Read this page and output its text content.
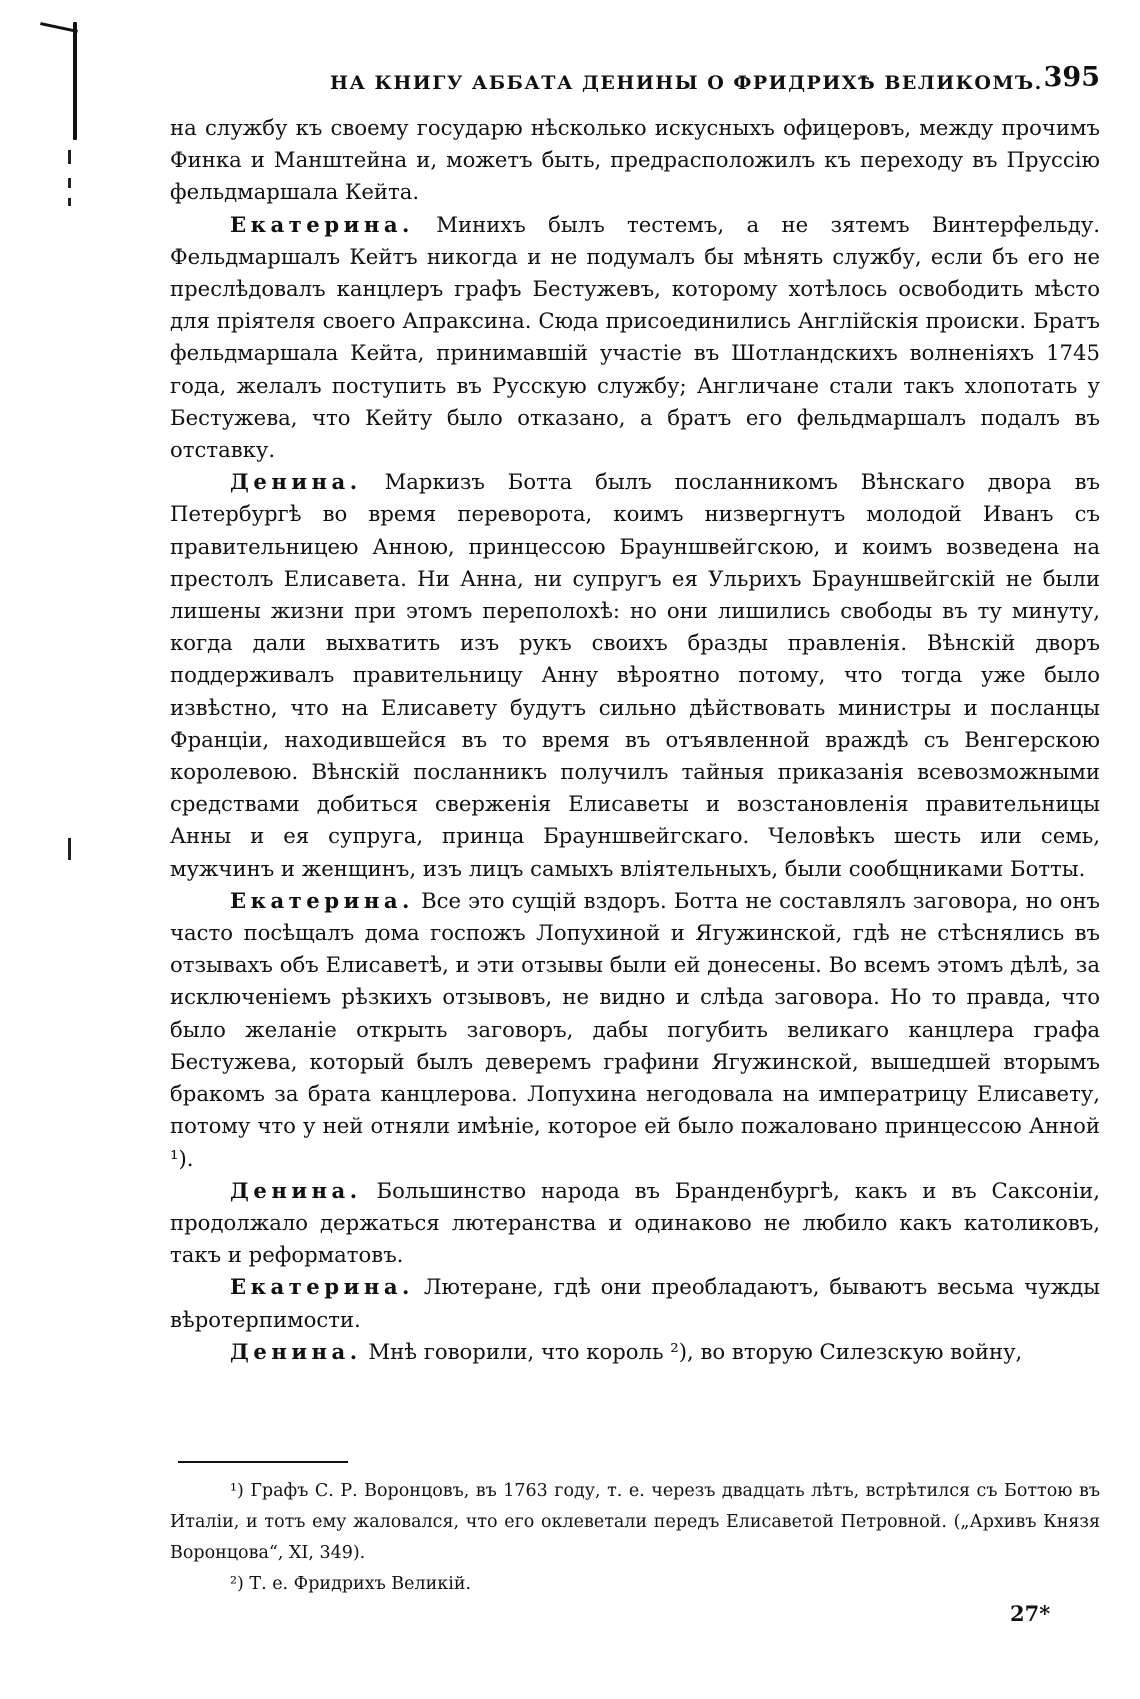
НА КНИГУ АББАТА ДЕНИНЫ О ФРИДРИХѢ ВЕЛИКОМЪ. 395

на службу къ своему государю нѣсколько искусныхъ офицеровъ, между прочимъ Финка и Манштейна и, можетъ быть, предрасположилъ къ переходу въ Пруссiю фельдмаршала Кейта.

Екатерина. Минихъ былъ тестемъ, а не зятемъ Винтерфельду. Фельдмаршалъ Кейтъ никогда и не подумалъ бы мѣнять службу, если бъ его не преслѣдовалъ канцлеръ графъ Бестужевъ, которому хотѣлось освободить мѣсто для прiятеля своего Апраксина. Сюда присоединились Англiйскiя происки. Братъ фельдмаршала Кейта, принимавшiй участiе въ Шотландскихъ волненiяхъ 1745 года, желалъ поступить въ Русскую службу; Англичане стали такъ хлопотать у Бестужева, что Кейту было отказано, а братъ его фельдмаршалъ подалъ въ отставку.

Денина. Маркизъ Ботта былъ посланникомъ Вѣнскаго двора въ Петербургѣ во время переворота, коимъ низвергнутъ молодой Иванъ съ правительницею Анною, принцессою Брауншвейгскою, и коимъ возведена на престолъ Елисавета. Ни Анна, ни супругъ ея Ульрихъ Брауншвейгскiй не были лишены жизни при этомъ переполохѣ: но они лишились свободы въ ту минуту, когда дали выхватить изъ рукъ своихъ бразды правленiя. Вѣнскiй дворъ поддерживалъ правительницу Анну вѣроятно потому, что тогда уже было извѣстно, что на Елисавету будутъ сильно дѣйствовать министры и посланцы Францiи, находившейся въ то время въ отъявленной враждѣ съ Венгерскою королевою. Вѣнскiй посланникъ получилъ тайныя приказанiя всевозможными средствами добиться сверженiя Елисаветы и возстановленiя правительницы Анны и ея супруга, принца Брауншвейгскаго. Человѣкъ шесть или семь, мужчинъ и женщинъ, изъ лицъ самыхъ влiятельныхъ, были сообщниками Ботты.

Екатерина. Все это сущiй вздоръ. Ботта не составлялъ заговора, но онъ часто посѣщалъ дома госпожъ Лопухиной и Ягужинской, гдѣ не стѣснялись въ отзывахъ объ Елисаветѣ, и эти отзывы были ей донесены. Во всемъ этомъ дѣлѣ, за исключенiемъ рѣзкихъ отзывовъ, не видно и слѣда заговора. Но то правда, что было желанiе открыть заговоръ, дабы погубить великаго канцлера графа Бестужева, который былъ деверемъ графини Ягужинской, вышедшей вторымъ бракомъ за брата канцлерова. Лопухина негодовала на императрицу Елисавету, потому что у ней отняли имѣнiе, которое ей было пожаловано принцессою Анной ¹).

Денина. Большинство народа въ Бранденбургѣ, какъ и въ Саксонiи, продолжало держаться лютеранства и одинаково не любило какъ католиковъ, такъ и реформатовъ.

Екатерина. Лютеране, гдѣ они преобладаютъ, бываютъ весьма чужды вѣротерпимости.

Денина. Мнѣ говорили, что король ²), во вторую Силезскую войну,

¹) Графъ С. Р. Воронцовъ, въ 1763 году, т. е. черезъ двадцать лѣтъ, встрѣтился съ Боттою въ Италiи, и тотъ ему жаловался, что его оклеветали передъ Елисаветой Петровной. („Архивъ Князя Воронцова“, XI, 349).

²) Т. е. Фридрихъ Великiй.

27*
